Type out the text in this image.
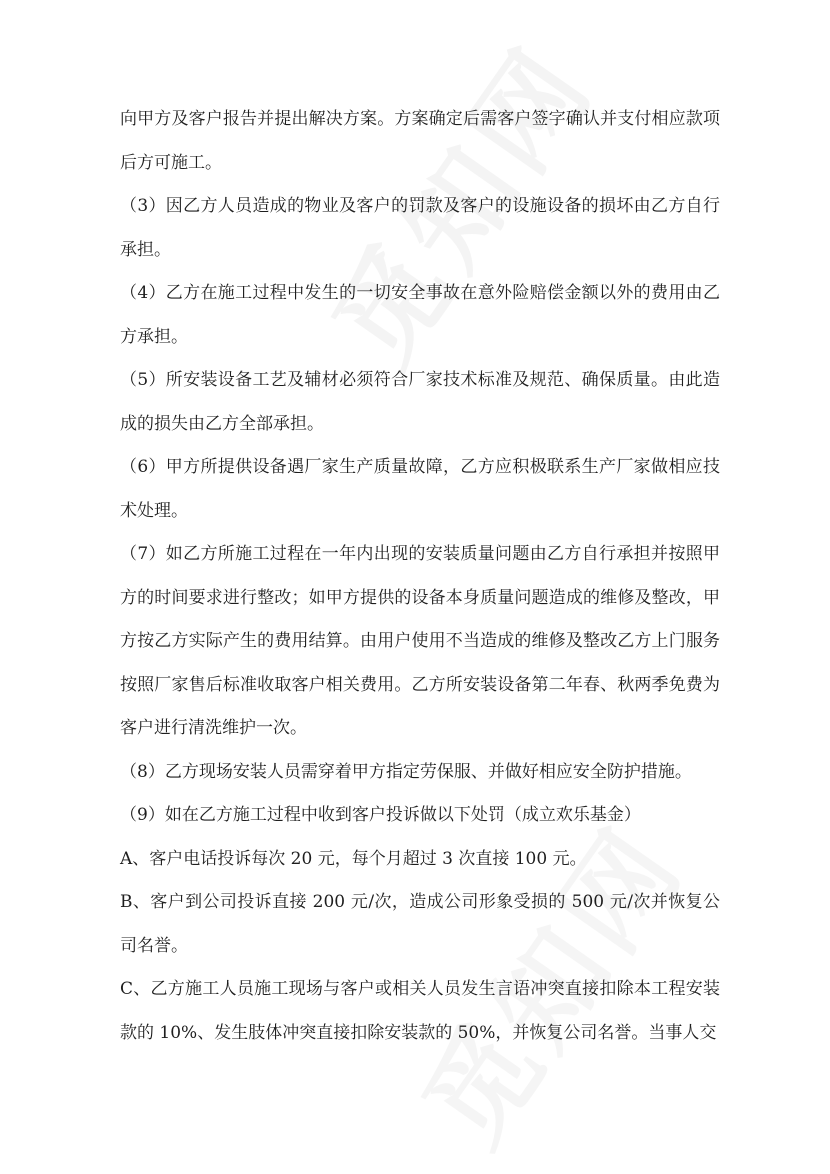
向甲方及客户报告并提出解决方案。方案确定后需客户签字确认并支付相应款项后方可施工。

（3）因乙方人员造成的物业及客户的罚款及客户的设施设备的损坏由乙方自行承担。

（4）乙方在施工过程中发生的一切安全事故在意外险赔偿金额以外的费用由乙方承担。

（5）所安装设备工艺及辅材必须符合厂家技术标准及规范、确保质量。由此造成的损失由乙方全部承担。

（6）甲方所提供设备遇厂家生产质量故障，乙方应积极联系生产厂家做相应技术处理。

（7）如乙方所施工过程在一年内出现的安装质量问题由乙方自行承担并按照甲方的时间要求进行整改；如甲方提供的设备本身质量问题造成的维修及整改，甲方按乙方实际产生的费用结算。由用户使用不当造成的维修及整改乙方上门服务按照厂家售后标准收取客户相关费用。乙方所安装设备第二年春、秋两季免费为客户进行清洗维护一次。

（8）乙方现场安装人员需穿着甲方指定劳保服、并做好相应安全防护措施。

（9）如在乙方施工过程中收到客户投诉做以下处罚（成立欢乐基金）

A、客户电话投诉每次 20 元，每个月超过 3 次直接 100 元。

B、客户到公司投诉直接 200 元/次，造成公司形象受损的 500 元/次并恢复公司名誉。

C、乙方施工人员施工现场与客户或相关人员发生言语冲突直接扣除本工程安装款的 10%、发生肢体冲突直接扣除安装款的 50%，并恢复公司名誉。当事人交
